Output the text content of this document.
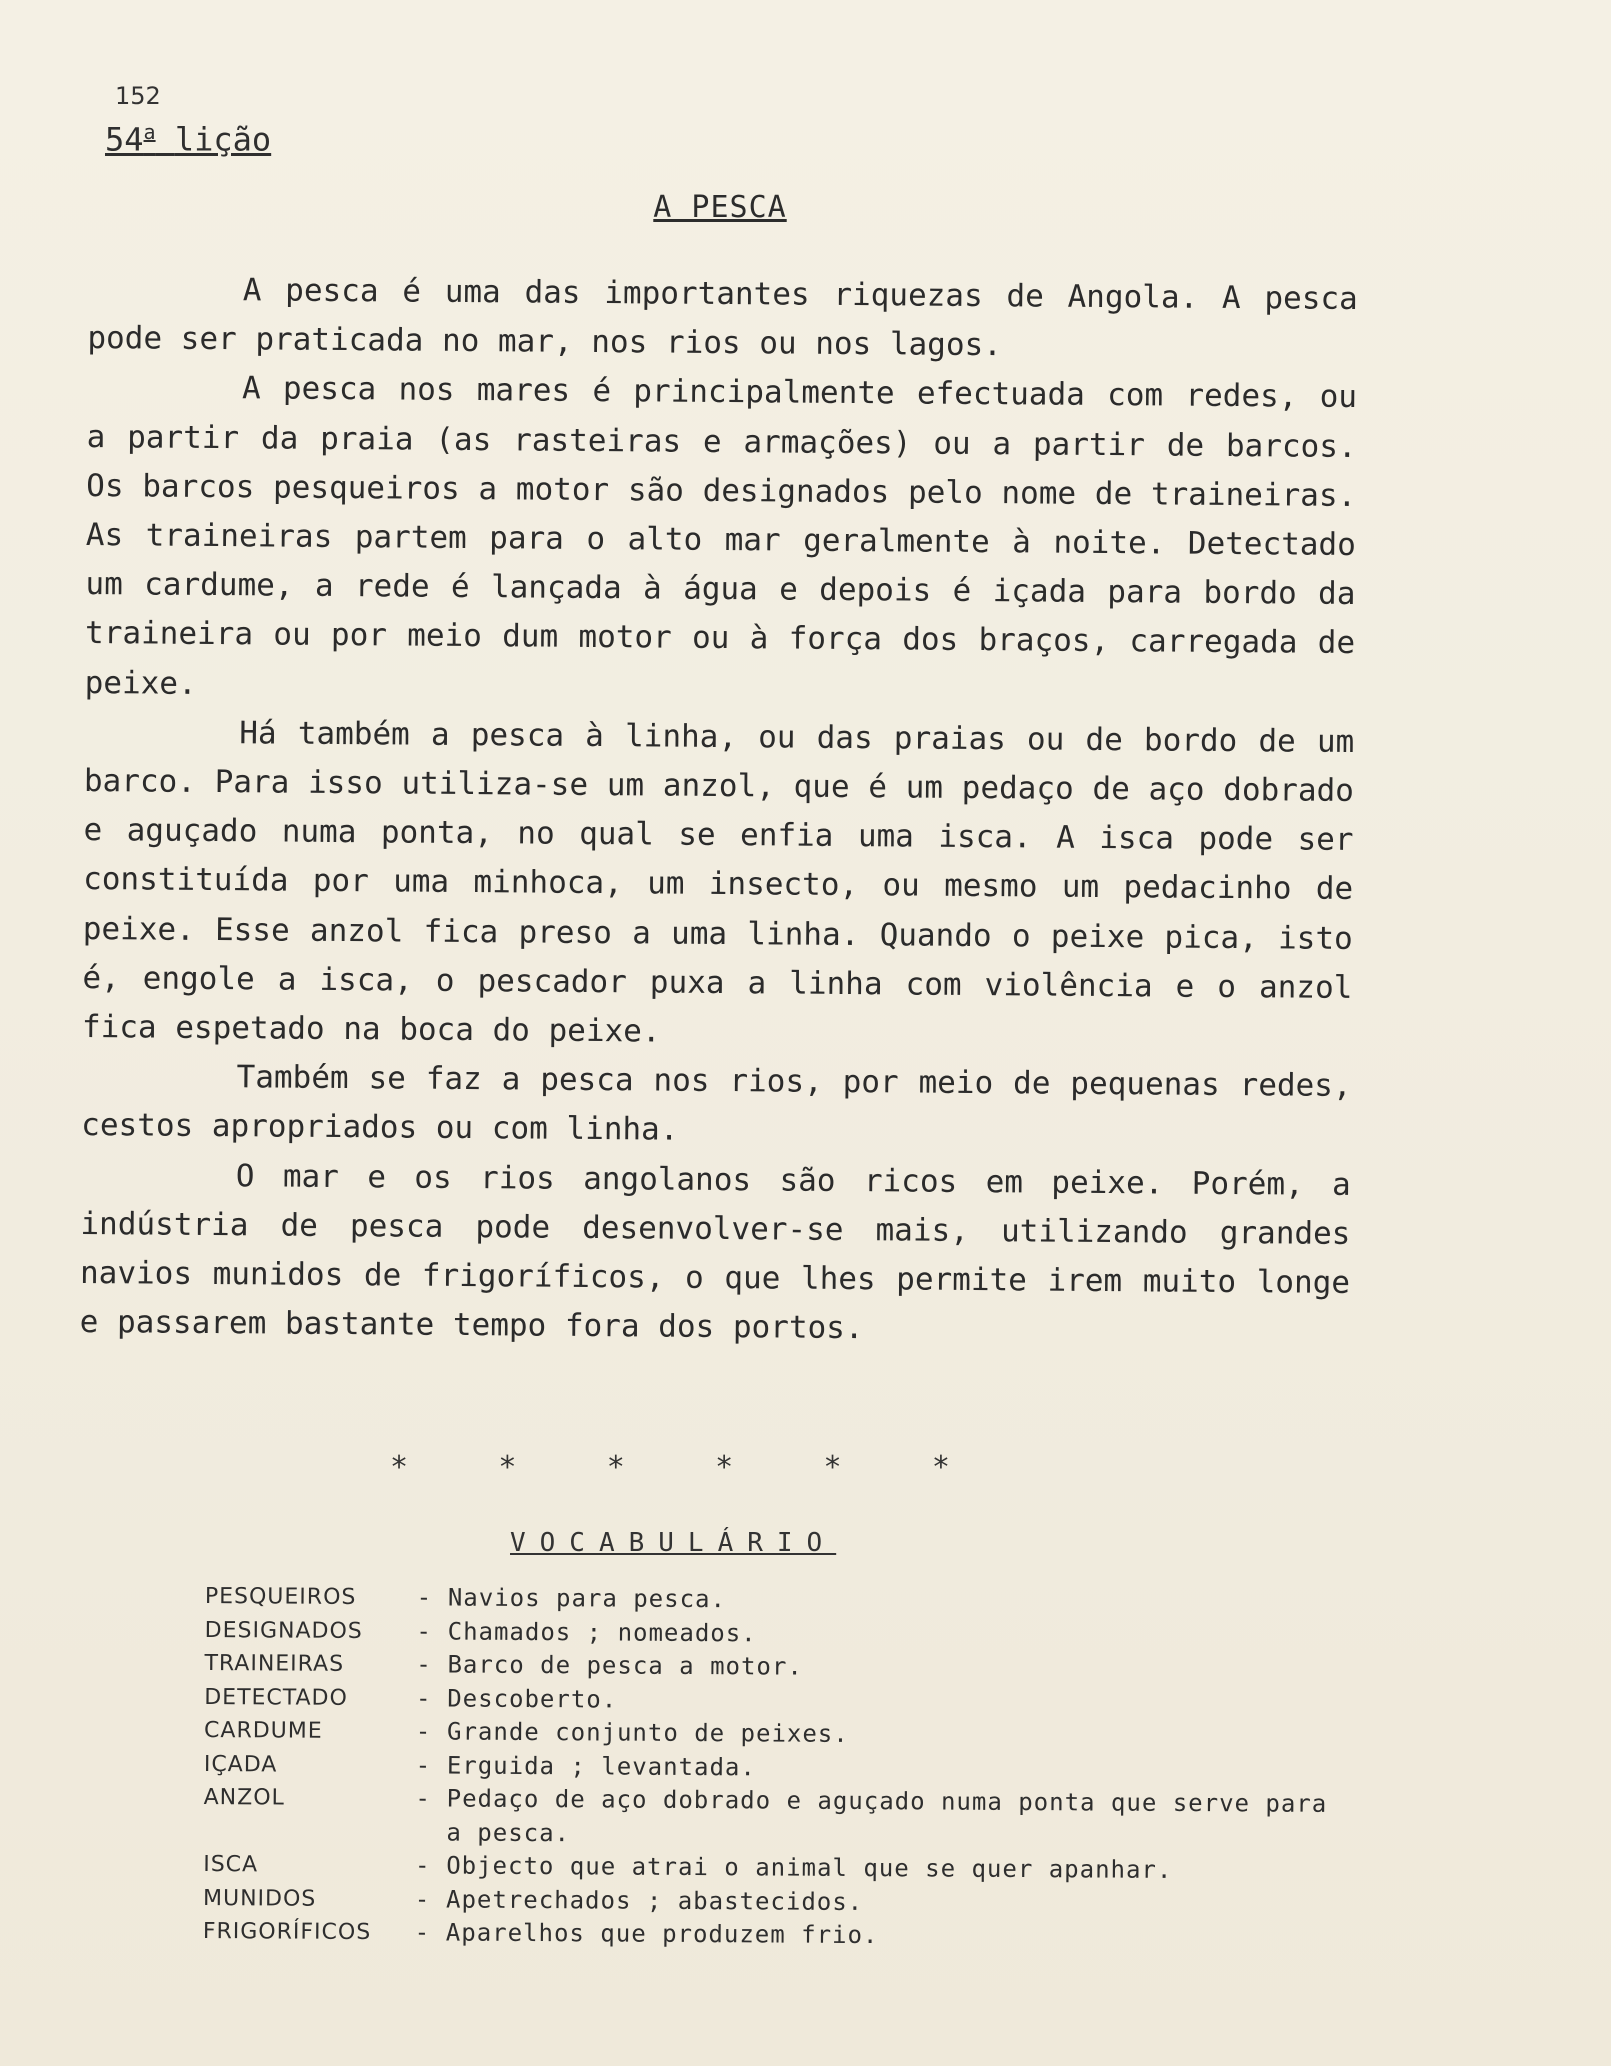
152
54$^a$ lição
A PESCA

A pesca é uma das importantes riquezas de Angola. A pesca pode ser praticada no mar, nos rios ou nos lagos.

A pesca nos mares é principalmente efectuada com redes, ou a partir da praia (as rasteiras e armações) ou a partir de barcos. Os barcos pesqueiros a motor são designados pelo nome de traineiras. As traineiras partem para o alto mar geralmente à noite. Detectado um cardume, a rede é lançada à água e depois é içada para bordo da traineira ou por meio dum motor ou à força dos braços, carregada de peixe.

Há também a pesca à linha, ou das praias ou de bordo de um barco. Para isso utiliza-se um anzol, que é um pedaço de aço dobrado e aguçado numa ponta, no qual se enfia uma isca. A isca pode ser constituída por uma minhoca, um insecto, ou mesmo um pedacinho de peixe. Esse anzol fica preso a uma linha. Quando o peixe pica, isto é, engole a isca, o pescador puxa a linha com violência e o anzol fica espetado na boca do peixe.

Também se faz a pesca nos rios, por meio de pequenas redes, cestos apropriados ou com linha.

O mar e os rios angolanos são ricos em peixe. Porém, a indústria de pesca pode desenvolver-se mais, utilizando grandes navios munidos de frigoríficos, o que lhes permite irem muito longe e passarem bastante tempo fora dos portos.

*	*	*	*	*	*
VOCABULÁRIO
PESQUEIROS	- Navios para pesca.
DESIGNADOS	- Chamados ; nomeados.
TRAINEIRAS	- Barco de pesca a motor.
DETECTADO	- Descoberto.
CARDUME	- Grande conjunto de peixes.
IÇADA	- Erguida ; levantada.
ANZOL	- Pedaço de aço dobrado e aguçado numa ponta que serve para a pesca.
ISCA	- Objecto que atrai o animal que se quer apanhar.
MUNIDOS	- Apetrechados ; abastecidos.
FRIGORÍFICOS	- Aparelhos que produzem frio.
